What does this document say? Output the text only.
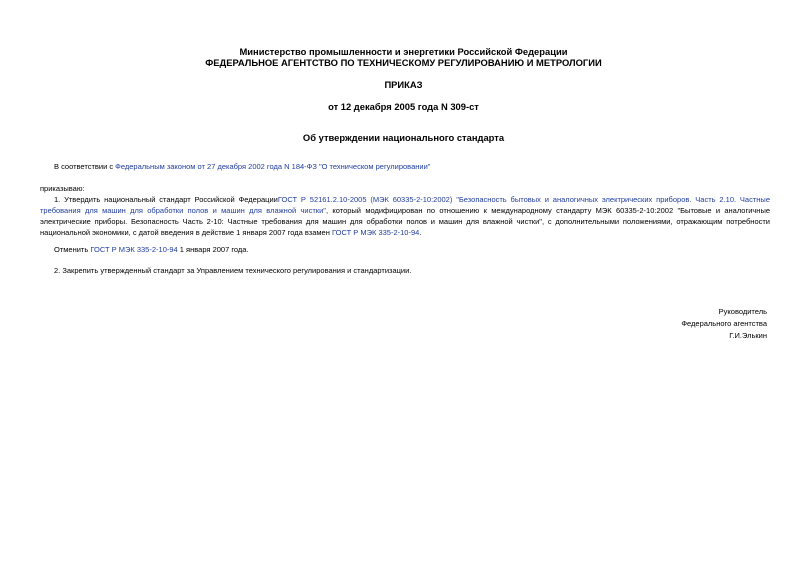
Министерство промышленности и энергетики Российской Федерации
ФЕДЕРАЛЬНОЕ АГЕНТСТВО ПО ТЕХНИЧЕСКОМУ РЕГУЛИРОВАНИЮ И МЕТРОЛОГИИ
ПРИКАЗ
от 12 декабря 2005 года N 309-ст
Об утверждении национального стандарта
В соответствии с Федеральным законом от 27 декабря 2002 года N 184-ФЗ "О техническом регулировании"
приказываю:
1. Утвердить национальный стандарт Российской ФедерацииГОСТ Р 52161.2.10-2005 (МЭК 60335-2-10:2002) "Безопасность бытовых и аналогичных электрических приборов. Часть 2.10. Частные требования для машин для обработки полов и машин для влажной чистки", который модифицирован по отношению к международному стандарту МЭК 60335-2-10:2002 "Бытовые и аналогичные электрические приборы. Безопасность Часть 2-10: Частные требования для машин для обработки полов и машин для влажной чистки", с дополнительными положениями, отражающим потребности национальной экономики, с датой введения в действие 1 января 2007 года взамен ГОСТ Р МЭК 335-2-10-94.
Отменить ГОСТ Р МЭК 335-2-10-94 1 января 2007 года.
2. Закрепить утвержденный стандарт за Управлением технического регулирования и стандартизации.
Руководитель
Федерального агентства
Г.И.Элькин
